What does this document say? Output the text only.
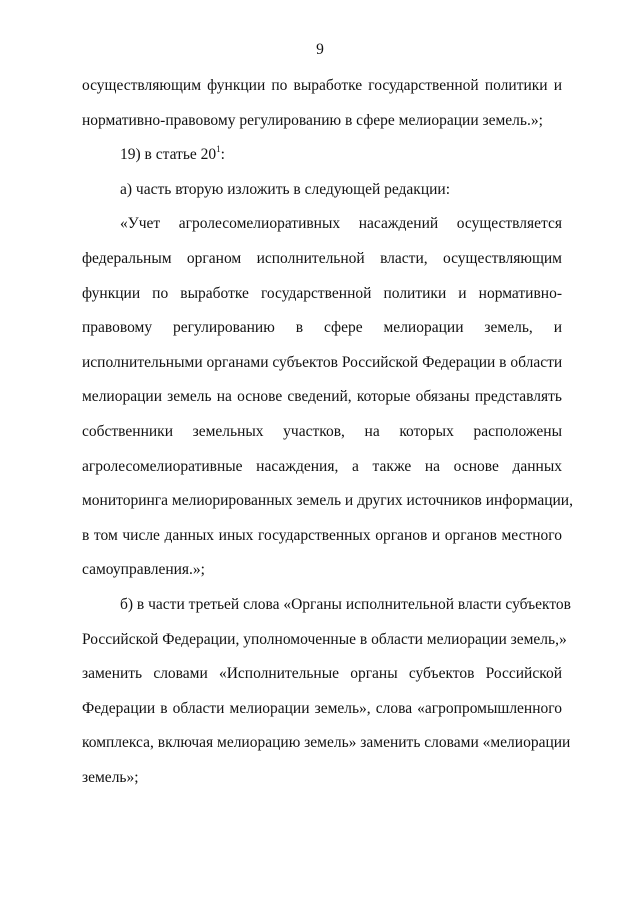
9
осуществляющим функции по выработке государственной политики и
нормативно-правовому регулированию в сфере мелиорации земель.»;
19) в статье $20^1$:
а) часть вторую изложить в следующей редакции:
«Учет агролесомелиоративных насаждений осуществляется
федеральным органом исполнительной власти, осуществляющим
функции по выработке государственной политики и нормативно-
правовому регулированию в сфере мелиорации земель, и
исполнительными органами субъектов Российской Федерации в области
мелиорации земель на основе сведений, которые обязаны представлять
собственники земельных участков, на которых расположены
агролесомелиоративные насаждения, а также на основе данных
мониторинга мелиорированных земель и других источников информации,
в том числе данных иных государственных органов и органов местного
самоуправления.»;
б) в части третьей слова «Органы исполнительной власти субъектов
Российской Федерации, уполномоченные в области мелиорации земель,»
заменить словами «Исполнительные органы субъектов Российской
Федерации в области мелиорации земель», слова «агропромышленного
комплекса, включая мелиорацию земель» заменить словами «мелиорации
земель»;
